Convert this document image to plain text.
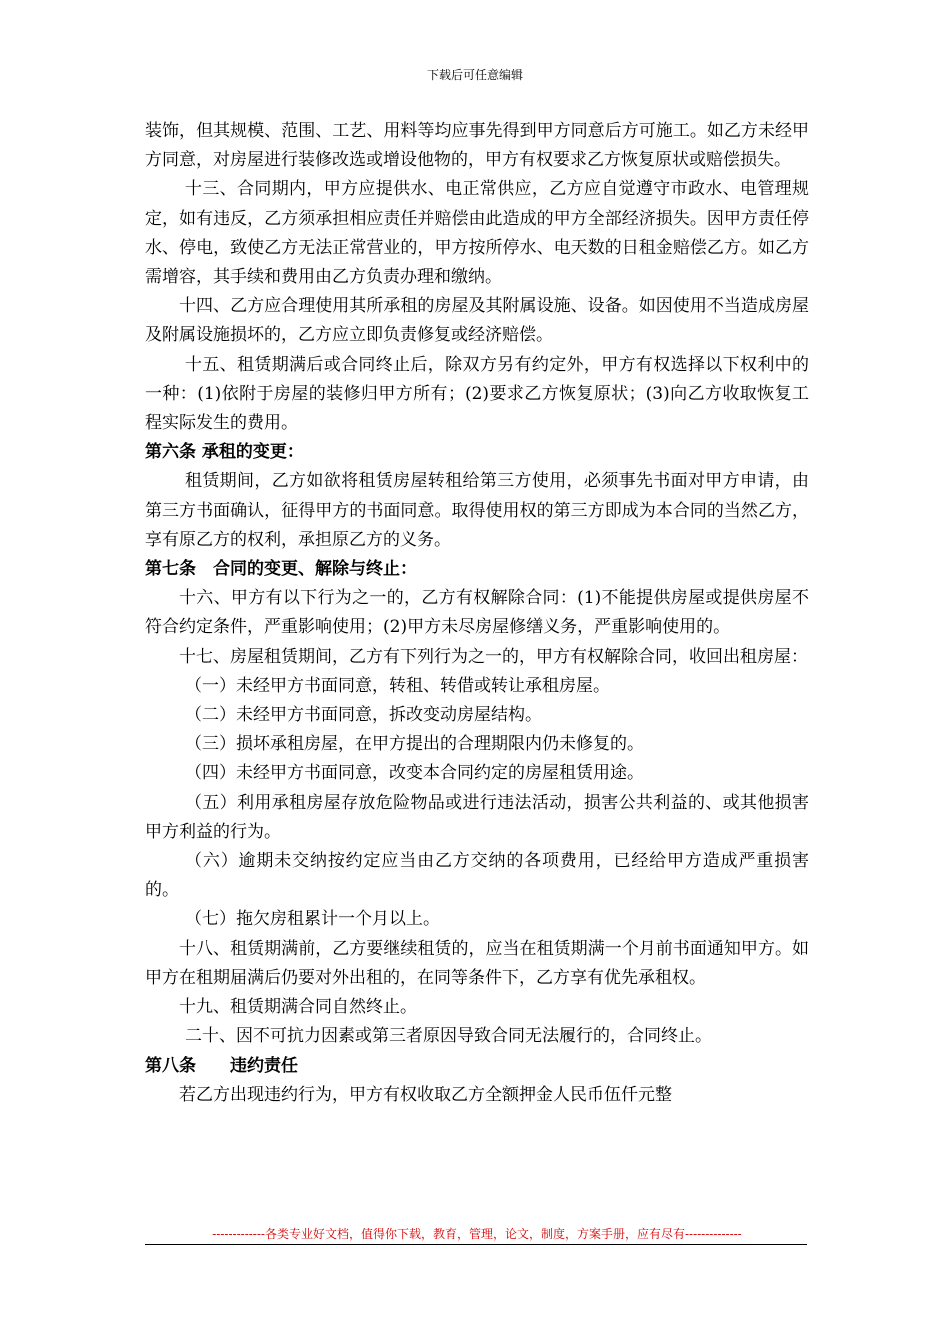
下载后可任意编辑

装饰，但其规模、范围、工艺、用料等均应事先得到甲方同意后方可施工。如乙方未经甲方同意，对房屋进行装修改选或增设他物的，甲方有权要求乙方恢复原状或赔偿损失。

十三、合同期内，甲方应提供水、电正常供应，乙方应自觉遵守市政水、电管理规定，如有违反，乙方须承担相应责任并赔偿由此造成的甲方全部经济损失。因甲方责任停水、停电，致使乙方无法正常营业的，甲方按所停水、电天数的日租金赔偿乙方。如乙方需增容，其手续和费用由乙方负责办理和缴纳。

十四、乙方应合理使用其所承租的房屋及其附属设施、设备。如因使用不当造成房屋及附属设施损坏的，乙方应立即负责修复或经济赔偿。

十五、租赁期满后或合同终止后，除双方另有约定外，甲方有权选择以下权利中的一种：(1)依附于房屋的装修归甲方所有；(2)要求乙方恢复原状；(3)向乙方收取恢复工程实际发生的费用。

第六条 承租的变更：

租赁期间，乙方如欲将租赁房屋转租给第三方使用，必须事先书面对甲方申请，由第三方书面确认，征得甲方的书面同意。取得使用权的第三方即成为本合同的当然乙方，享有原乙方的权利，承担原乙方的义务。

第七条　合同的变更、解除与终止：

十六、甲方有以下行为之一的，乙方有权解除合同：(1)不能提供房屋或提供房屋不符合约定条件，严重影响使用；(2)甲方未尽房屋修缮义务，严重影响使用的。

十七、房屋租赁期间，乙方有下列行为之一的，甲方有权解除合同，收回出租房屋：

（一）未经甲方书面同意，转租、转借或转让承租房屋。

（二）未经甲方书面同意，拆改变动房屋结构。

（三）损坏承租房屋，在甲方提出的合理期限内仍未修复的。

（四）未经甲方书面同意，改变本合同约定的房屋租赁用途。

（五）利用承租房屋存放危险物品或进行违法活动，损害公共利益的、或其他损害甲方利益的行为。

（六）逾期未交纳按约定应当由乙方交纳的各项费用，已经给甲方造成严重损害的。

（七）拖欠房租累计一个月以上。

十八、租赁期满前，乙方要继续租赁的，应当在租赁期满一个月前书面通知甲方。如甲方在租期届满后仍要对外出租的，在同等条件下，乙方享有优先承租权。

十九、租赁期满合同自然终止。

二十、因不可抗力因素或第三者原因导致合同无法履行的，合同终止。

第八条　　违约责任

若乙方出现违约行为，甲方有权收取乙方全额押金人民币伍仟元整

-------------各类专业好文档，值得你下载，教育，管理，论文，制度，方案手册，应有尽有--------------
